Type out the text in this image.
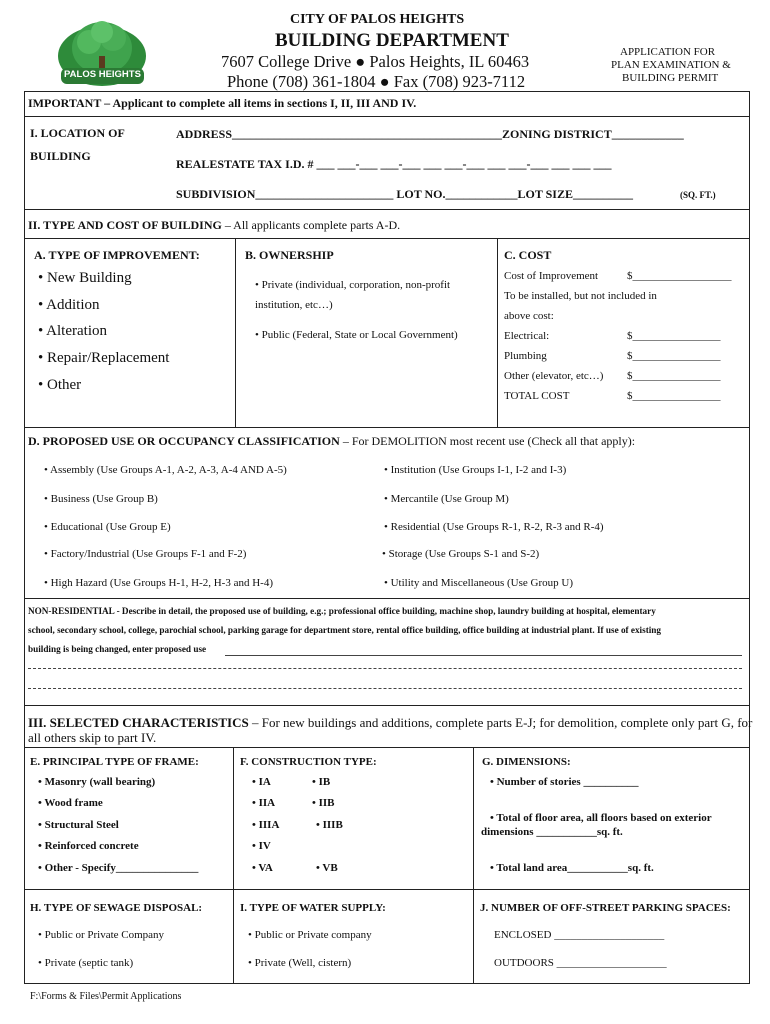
PALOS HEIGHTS
CITY OF PALOS HEIGHTS
BUILDING DEPARTMENT
7607 College Drive ● Palos Heights, IL 60463
Phone (708) 361-1804 ● Fax (708) 923-7112
APPLICATION FOR
PLAN EXAMINATION &
BUILDING PERMIT
IMPORTANT – Applicant to complete all items in sections I, II, III AND IV.
I. LOCATION OF
BUILDING
ADDRESS_____________________________________________ZONING DISTRICT____________
REALESTATE TAX I.D. # ___ ___-___ ___-___ ___ ___-___ ___ ___-___ ___ ___ ___
SUBDIVISION_______________________ LOT NO.____________LOT SIZE__________	(SQ. FT.)
II. TYPE AND COST OF BUILDING – All applicants complete parts A-D.
A. TYPE OF IMPROVEMENT:
• New Building
• Addition
• Alteration
• Repair/Replacement
• Other
B. OWNERSHIP
• Private (individual, corporation, non-profit
institution, etc…)
• Public (Federal, State or Local Government)
C. COST
Cost of Improvement	$__________________
To be installed, but not included in
above cost:
Electrical:	$________________
Plumbing	$________________
Other (elevator, etc…) $________________
TOTAL COST	$________________
D. PROPOSED USE OR OCCUPANCY CLASSIFICATION – For DEMOLITION most recent use (Check all that apply):
• Assembly (Use Groups A-1, A-2, A-3, A-4 AND A-5)
• Business (Use Group B)
• Educational (Use Group E)
• Factory/Industrial (Use Groups F-1 and F-2)
• High Hazard (Use Groups H-1, H-2, H-3 and H-4)
• Institution (Use Groups I-1, I-2 and I-3)
• Mercantile (Use Group M)
• Residential (Use Groups R-1, R-2, R-3 and R-4)
• Storage (Use Groups S-1 and S-2)
• Utility and Miscellaneous (Use Group U)
NON-RESIDENTIAL - Describe in detail, the proposed use of building, e.g.; professional office building, machine shop, laundry building at hospital, elementary
school, secondary school, college, parochial school, parking garage for department store, rental office building, office building at industrial plant. If use of existing
building is being changed, enter proposed use
III. SELECTED CHARACTERISTICS – For new buildings and additions, complete parts E-J; for demolition, complete only part G, for
all others skip to part IV.
E. PRINCIPAL TYPE OF FRAME:
• Masonry (wall bearing)
• Wood frame
• Structural Steel
• Reinforced concrete
• Other - Specify_______________
F. CONSTRUCTION TYPE:
• IA
• IIA
• IIIA
• IV
• VA
• IB
• IIB
• IIIB
• VB
G. DIMENSIONS:
• Number of stories __________
• Total of floor area, all floors based on exterior
dimensions ___________sq. ft.
• Total land area___________sq. ft.
H. TYPE OF SEWAGE DISPOSAL:
• Public or Private Company
• Private (septic tank)
I. TYPE OF WATER SUPPLY:
• Public or Private company
• Private (Well, cistern)
J. NUMBER OF OFF-STREET PARKING SPACES:
ENCLOSED ____________________
OUTDOORS ____________________
F:\Forms & Files\Permit Applications
